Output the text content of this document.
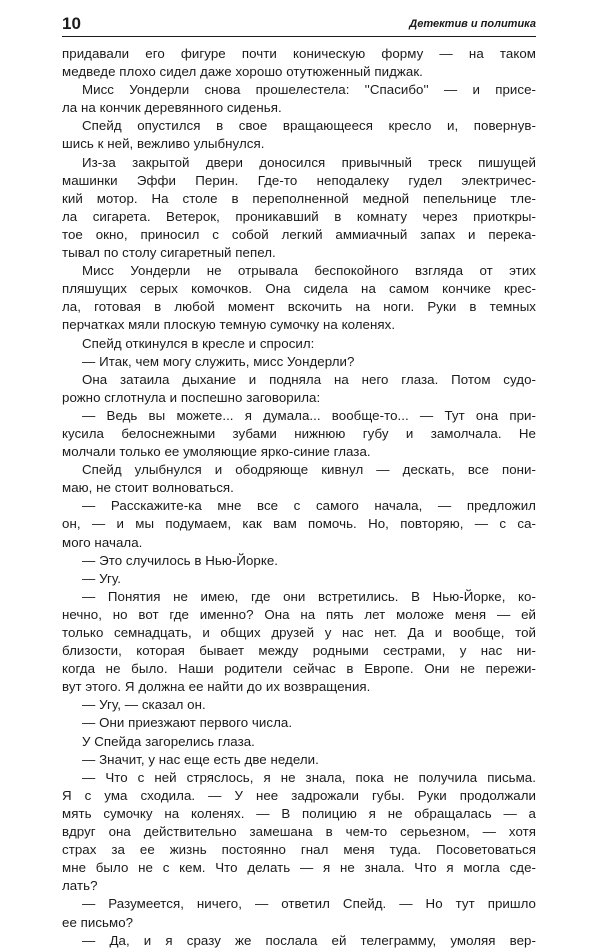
10	Детектив и политика
придавали его фигуре почти коническую форму — на таком
медведе плохо сидел даже хорошо отутюженный пиджак.
Мисс Уондерли снова прошелестела: ''Спасибо'' — и присе-
ла на кончик деревянного сиденья.
Спейд опустился в свое вращающееся кресло и, повернув-
шись к ней, вежливо улыбнулся.
Из-за закрытой двери доносился привычный треск пишущей
машинки Эффи Перин. Где-то неподалеку гудел электричес-
кий мотор. На столе в переполненной медной пепельнице тле-
ла сигарета. Ветерок, проникавший в комнату через приоткры-
тое окно, приносил с собой легкий аммиачный запах и перека-
тывал по столу сигаретный пепел.
Мисс Уондерли не отрывала беспокойного взгляда от этих
пляшущих серых комочков. Она сидела на самом кончике крес-
ла, готовая в любой момент вскочить на ноги. Руки в темных
перчатках мяли плоскую темную сумочку на коленях.
Спейд откинулся в кресле и спросил:
— Итак, чем могу служить, мисс Уондерли?
Она затаила дыхание и подняла на него глаза. Потом судо-
рожно сглотнула и поспешно заговорила:
— Ведь вы можете... я думала... вообще-то... — Тут она при-
кусила белоснежными зубами нижнюю губу и замолчала. Не
молчали только ее умоляющие ярко-синие глаза.
Спейд улыбнулся и ободряюще кивнул — дескать, все пони-
маю, не стоит волноваться.
— Расскажите-ка мне все с самого начала, — предложил
он, — и мы подумаем, как вам помочь. Но, повторяю, — с са-
мого начала.
— Это случилось в Нью-Йорке.
— Угу.
— Понятия не имею, где они встретились. В Нью-Йорке, ко-
нечно, но вот где именно? Она на пять лет моложе меня — ей
только семнадцать, и общих друзей у нас нет. Да и вообще, той
близости, которая бывает между родными сестрами, у нас ни-
когда не было. Наши родители сейчас в Европе. Они не пережи-
вут этого. Я должна ее найти до их возвращения.
— Угу, — сказал он.
— Они приезжают первого числа.
У Спейда загорелись глаза.
— Значит, у нас еще есть две недели.
— Что с ней стряслось, я не знала, пока не получила письма.
Я с ума сходила. — У нее задрожали губы. Руки продолжали
мять сумочку на коленях. — В полицию я не обращалась — а
вдруг она действительно замешана в чем-то серьезном, — хотя
страх за ее жизнь постоянно гнал меня туда. Посоветоваться
мне было не с кем. Что делать — я не знала. Что я могла сде-
лать?
— Разумеется, ничего, — ответил Спейд. — Но тут пришло
ее письмо?
— Да, и я сразу же послала ей телеграмму, умоляя вер-
